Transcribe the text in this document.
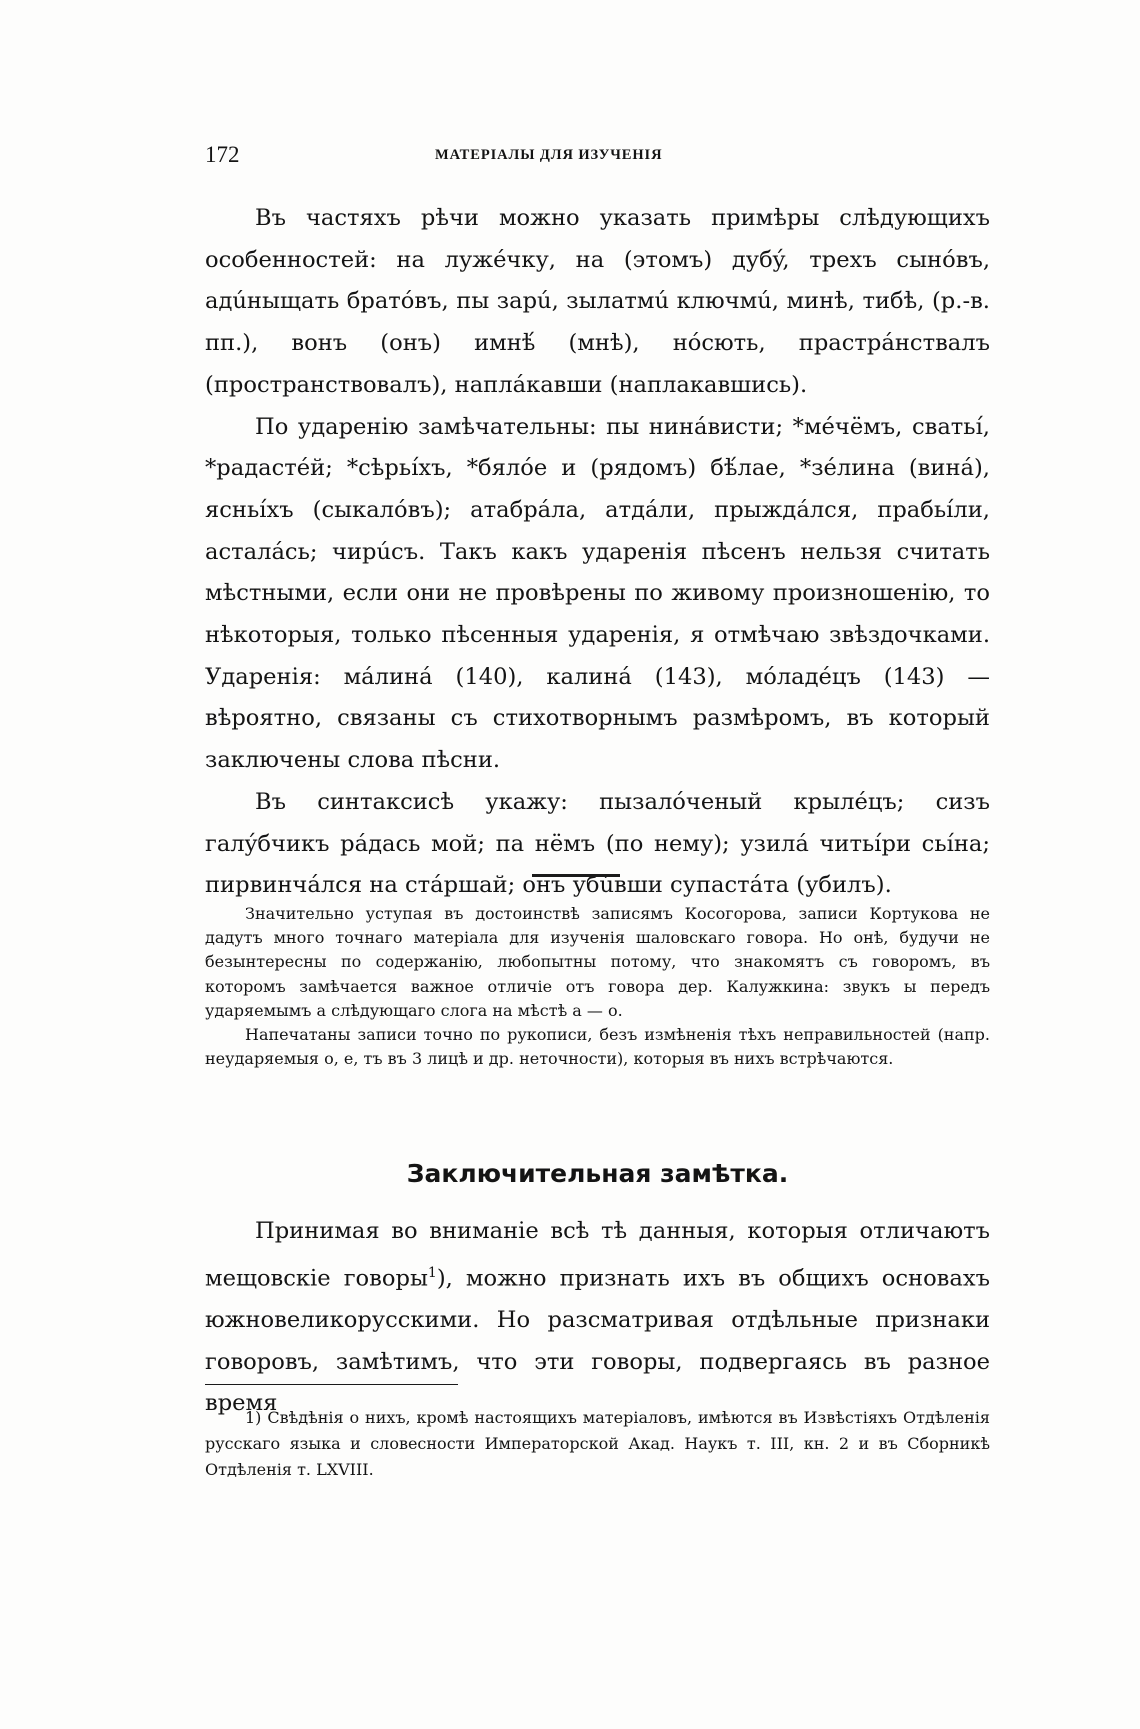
172	МАТЕРІАЛЫ ДЛЯ ИЗУЧЕНІЯ

Въ частяхъ рѣчи можно указать примѣры слѣдующихъ особенностей: на лужéчку, на (этомъ) дубý, трехъ сынóвъ, адúныщать братóвъ, пы зарú, зылатмú ключмú, минѣ, тибѣ, (р.-в. пп.), вонъ (онъ) имнѣ́ (мнѣ), нóсють, прастрáнствалъ (пространствовалъ), наплáкавши (наплакавшись).

По ударенію замѣчательны: пы нинáвисти; *мéчёмъ, сватьı́, *радастéй; *сѣрьı́хъ, *бялóе и (рядомъ) бѣ́лае, *зéлина (винá), ясньı́хъ (сыкалóвъ); атабрáла, атдáли, прыждáлся, прабьı́ли, асталáсь; чирúсъ. Такъ какъ ударенія пѣсенъ нельзя считать мѣстными, если они не провѣрены по живому произношенію, то нѣкоторыя, только пѣсенныя ударенія, я отмѣчаю звѣздочками. Ударенія: мáлинá (140), калинá (143), мóладéцъ (143) — вѣроятно, связаны съ стихотворнымъ размѣромъ, въ который заключены слова пѣсни.

Въ синтаксисѣ укажу: пызалóченый крылéцъ; сизъ галýбчикъ рáдась мой; па нёмъ (по нему); узилá читьı́ри сьı́на; пирвинчáлся на стáршай; онъ убúвши супастáта (убилъ).

Значительно уступая въ достоинствѣ записямъ Косогорова, записи Кортукова не дадутъ много точнаго матеріала для изученія шаловскаго говора. Но онѣ, будучи не безынтересны по содержанію, любопытны потому, что знакомятъ съ говоромъ, въ которомъ замѣчается важное отличіе отъ говора дер. Калужкина: звукъ ы передъ ударяемымъ а слѣдующаго слога на мѣстѣ а — о.

Напечатаны записи точно по рукописи, безъ измѣненія тѣхъ неправильностей (напр. неударяемыя о, е, тъ въ 3 лицѣ и др. неточности), которыя въ нихъ встрѣчаются.

Заключительная замѣтка.

Принимая во вниманіе всѣ тѣ данныя, которыя отличаютъ мещовскіе говоры$^1$), можно признать ихъ въ общихъ основахъ южновеликорусскими. Но разсматривая отдѣльные признаки говоровъ, замѣтимъ, что эти говоры, подвергаясь въ разное время

1) Свѣдѣнія о нихъ, кромѣ настоящихъ матеріаловъ, имѣются въ Извѣстіяхъ Отдѣленія русскаго языка и словесности Императорской Акад. Наукъ т. III, кн. 2 и въ Сборникѣ Отдѣленія т. LXVIII.
